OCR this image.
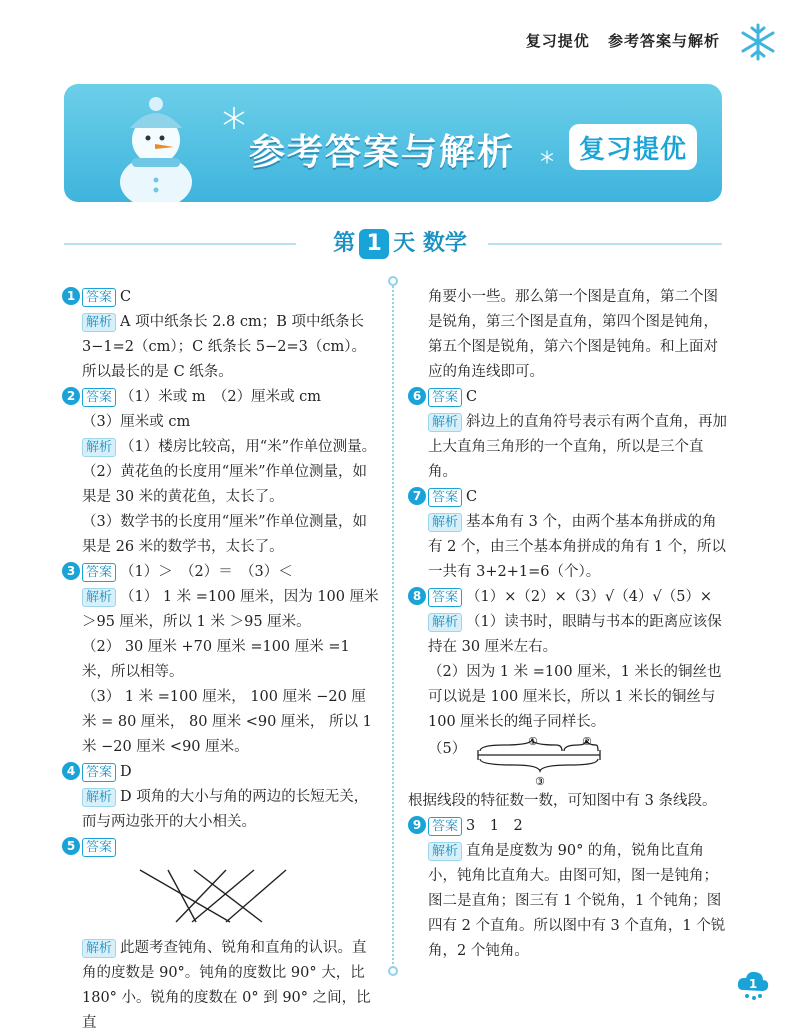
复习提优 参考答案与解析
参考答案与解析	复习提优
第 1 天 数学

1 答案 C

解析 A 项中纸条长 2.8 cm；B 项中纸条长 3−1=2（cm）；C 纸条长 5−2=3（cm）。所以最长的是 C 纸条。

2 答案 （1）米或 m　（2）厘米或 cm

（3）厘米或 cm

解析 （1）楼房比较高，用“米”作单位测量。

（2）黄花鱼的长度用“厘米”作单位测量，如果是 30 米的黄花鱼，太长了。

（3）数学书的长度用“厘米”作单位测量，如果是 26 米的数学书，太长了。

3 答案 （1）＞　（2）＝　（3）＜

解析 （1） 1 米 =100 厘米，因为 100 厘米 ＞95 厘米，所以 1 米 ＞95 厘米。

（2） 30 厘米 +70 厘米 =100 厘米 =1 米，所以相等。

（3） 1 米 =100 厘米， 100 厘米 −20 厘米 = 80 厘米， 80 厘米 <90 厘米， 所以 1 米 −20 厘米 <90 厘米。

4 答案 D

解析 D 项角的大小与角的两边的长短无关，而与两边张开的大小相关。

5 答案

解析 此题考查钝角、锐角和直角的认识。直角的度数是 90°。钝角的度数比 90° 大，比 180° 小。锐角的度数在 0° 到 90° 之间，比直

角要小一些。那么第一个图是直角，第二个图是锐角，第三个图是直角，第四个图是钝角，第五个图是锐角，第六个图是钝角。和上面对应的角连线即可。

6 答案 C

解析 斜边上的直角符号表示有两个直角，再加上大直角三角形的一个直角，所以是三个直角。

7 答案 C

解析 基本角有 3 个，由两个基本角拼成的角有 2 个，由三个基本角拼成的角有 1 个，所以一共有 3+2+1=6（个）。

8 答案 （1）×（2）×（3）√（4）√（5）×

解析 （1）读书时，眼睛与书本的距离应该保持在 30 厘米左右。

（2）因为 1 米 =100 厘米，1 米长的铜丝也可以说是 100 厘米长，所以 1 米长的铜丝与 100 厘米长的绳子同样长。

（5）	①	②
③

根据线段的特征数一数，可知图中有 3 条线段。

9 答案 3　1　2

解析 直角是度数为 90° 的角，锐角比直角小，钝角比直角大。由图可知，图一是钝角；图二是直角；图三有 1 个锐角，1 个钝角；图四有 2 个直角。所以图中有 3 个直角，1 个锐角，2 个钝角。

1
